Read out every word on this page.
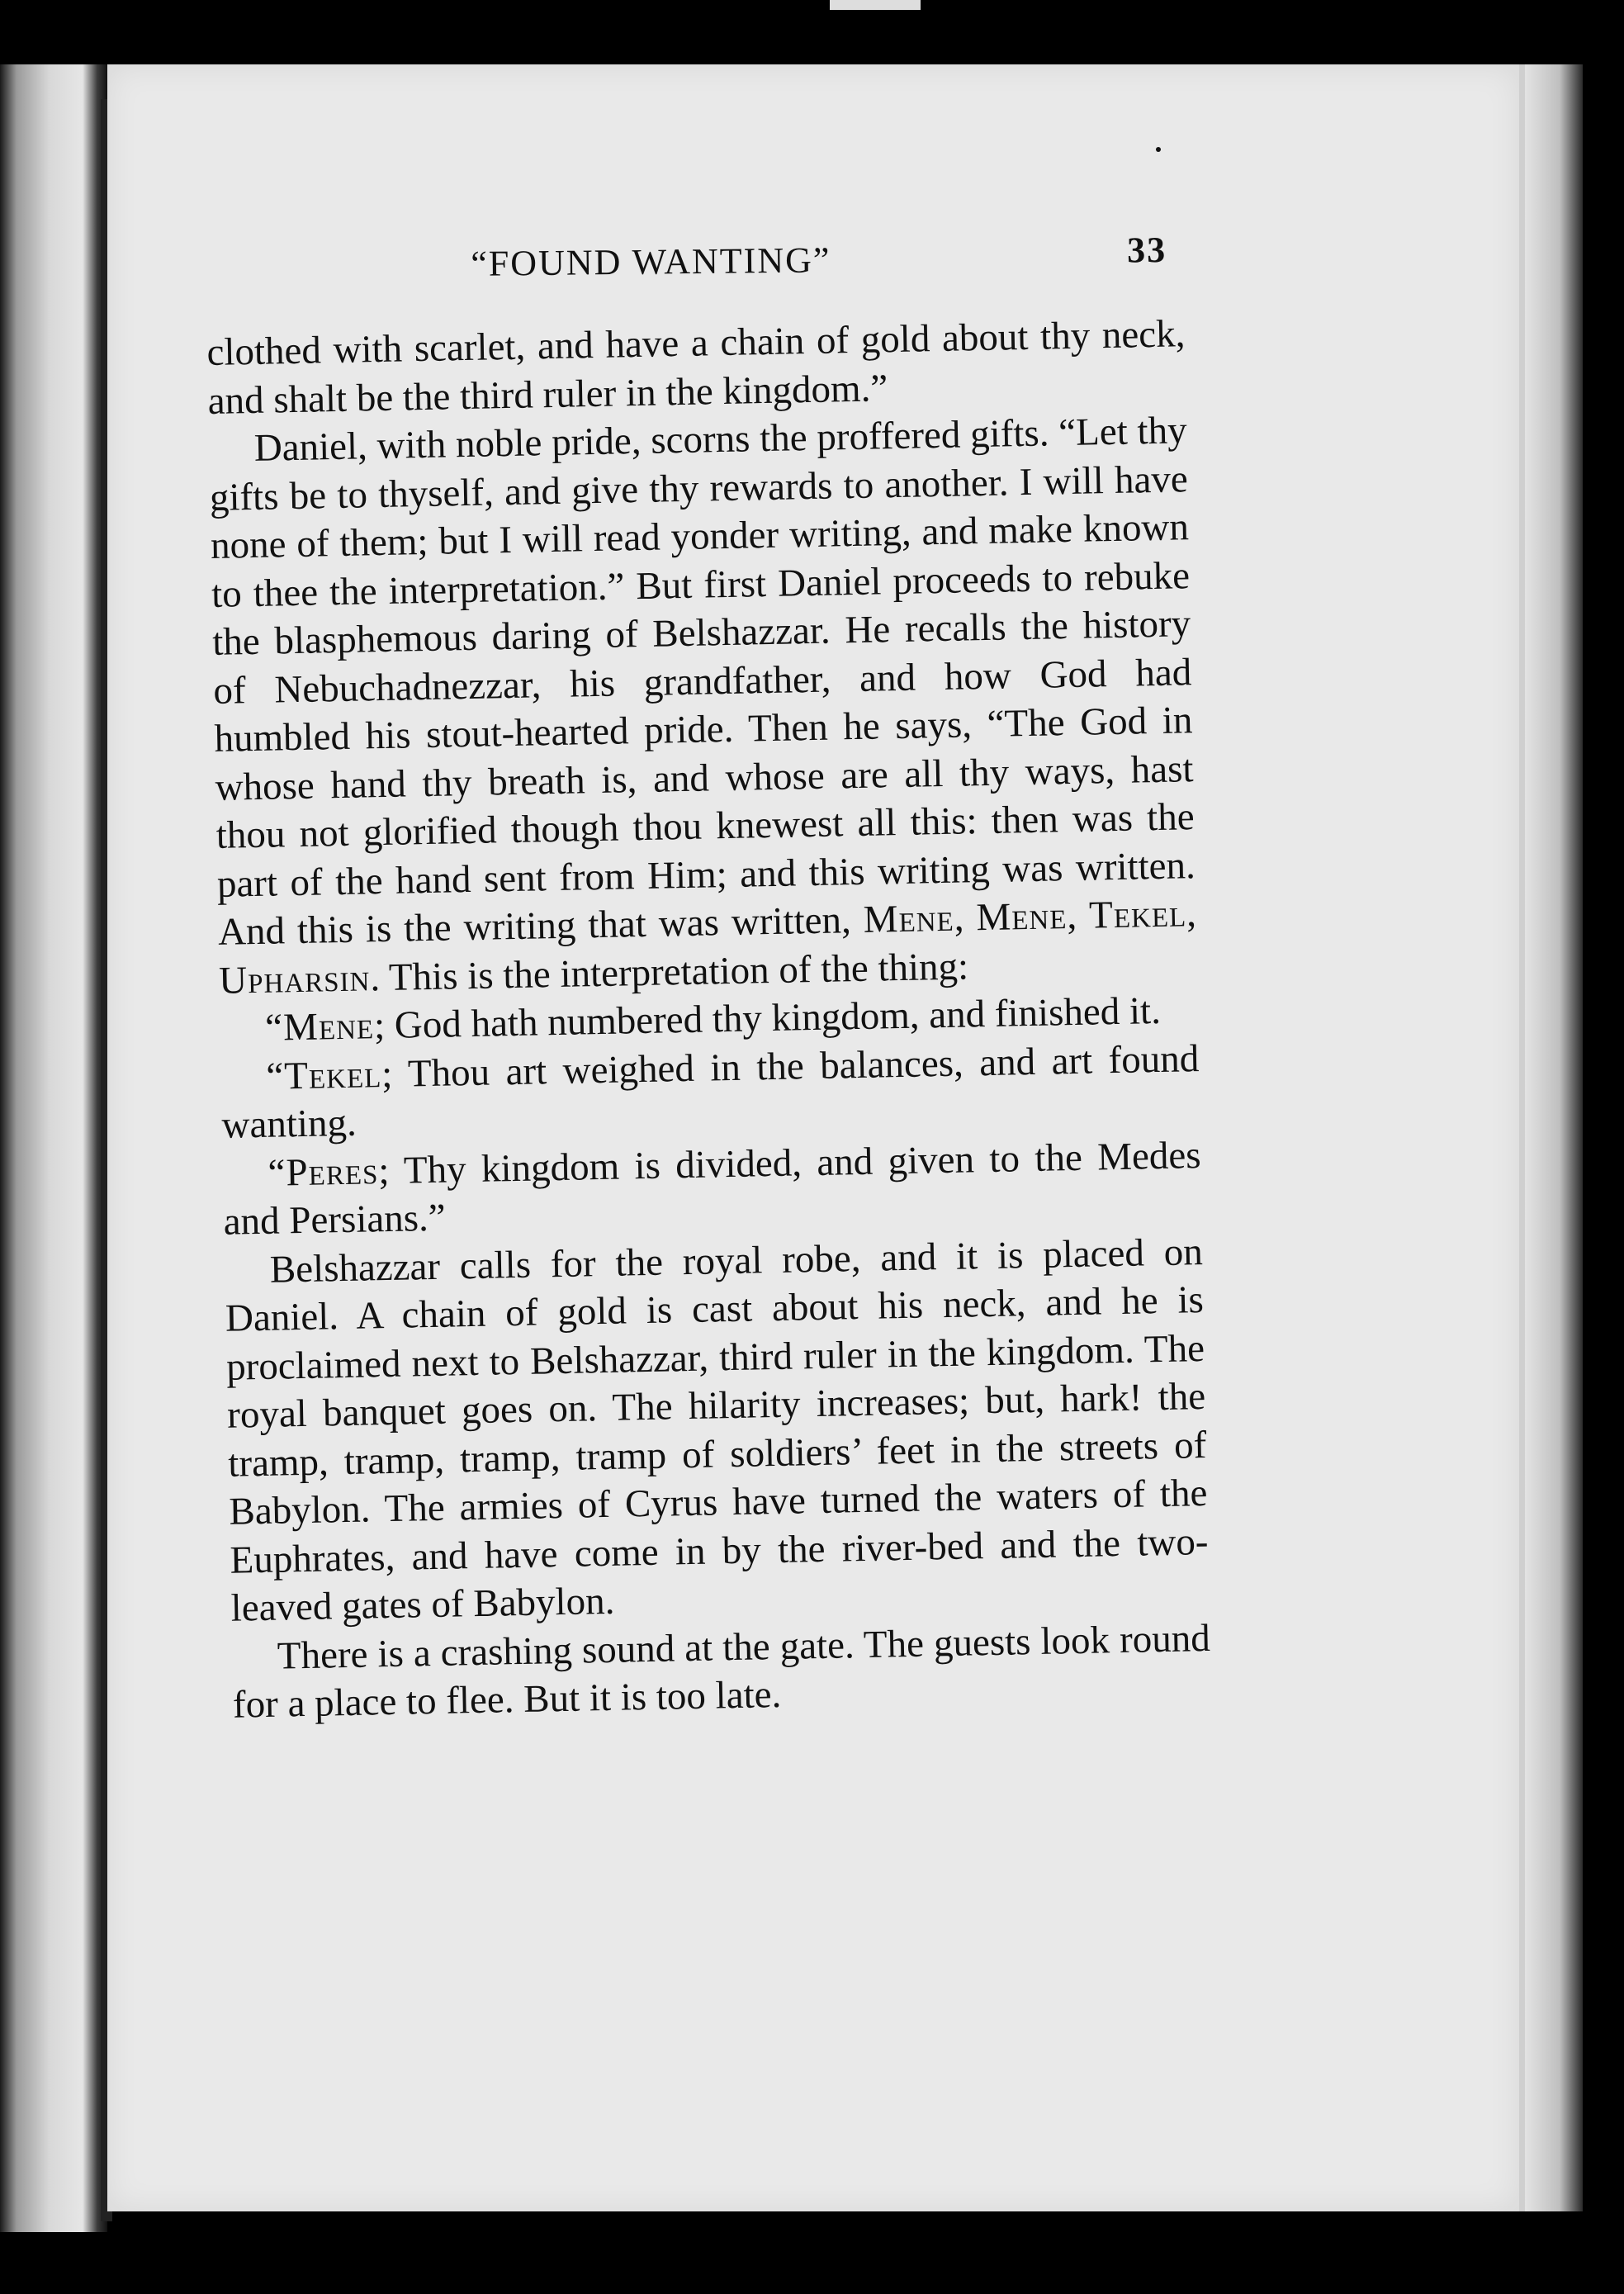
“FOUND WANTING”	33

clothed with scarlet, and have a chain of gold about thy neck, and shalt be the third ruler in the kingdom.”

Daniel, with noble pride, scorns the proffered gifts. “Let thy gifts be to thyself, and give thy rewards to another. I will have none of them; but I will read yonder writing, and make known to thee the interpretation.” But first Daniel proceeds to rebuke the blasphemous daring of Belshazzar. He recalls the history of Nebuchadnezzar, his grandfather, and how God had humbled his stout-hearted pride. Then he says, “The God in whose hand thy breath is, and whose are all thy ways, hast thou not glorified though thou knewest all this: then was the part of the hand sent from Him; and this writing was written. And this is the writing that was written, Mene, Mene, Tekel, Upharsin. This is the interpretation of the thing:

“Mene; God hath numbered thy kingdom, and finished it.

“Tekel; Thou art weighed in the balances, and art found wanting.

“Peres; Thy kingdom is divided, and given to the Medes and Persians.”

Belshazzar calls for the royal robe, and it is placed on Daniel. A chain of gold is cast about his neck, and he is proclaimed next to Belshazzar, third ruler in the kingdom. The royal banquet goes on. The hilarity increases; but, hark! the tramp, tramp, tramp, tramp of soldiers’ feet in the streets of Babylon. The armies of Cyrus have turned the waters of the Euphrates, and have come in by the river-bed and the two-leaved gates of Babylon.

There is a crashing sound at the gate. The guests look round for a place to flee. But it is too late.
